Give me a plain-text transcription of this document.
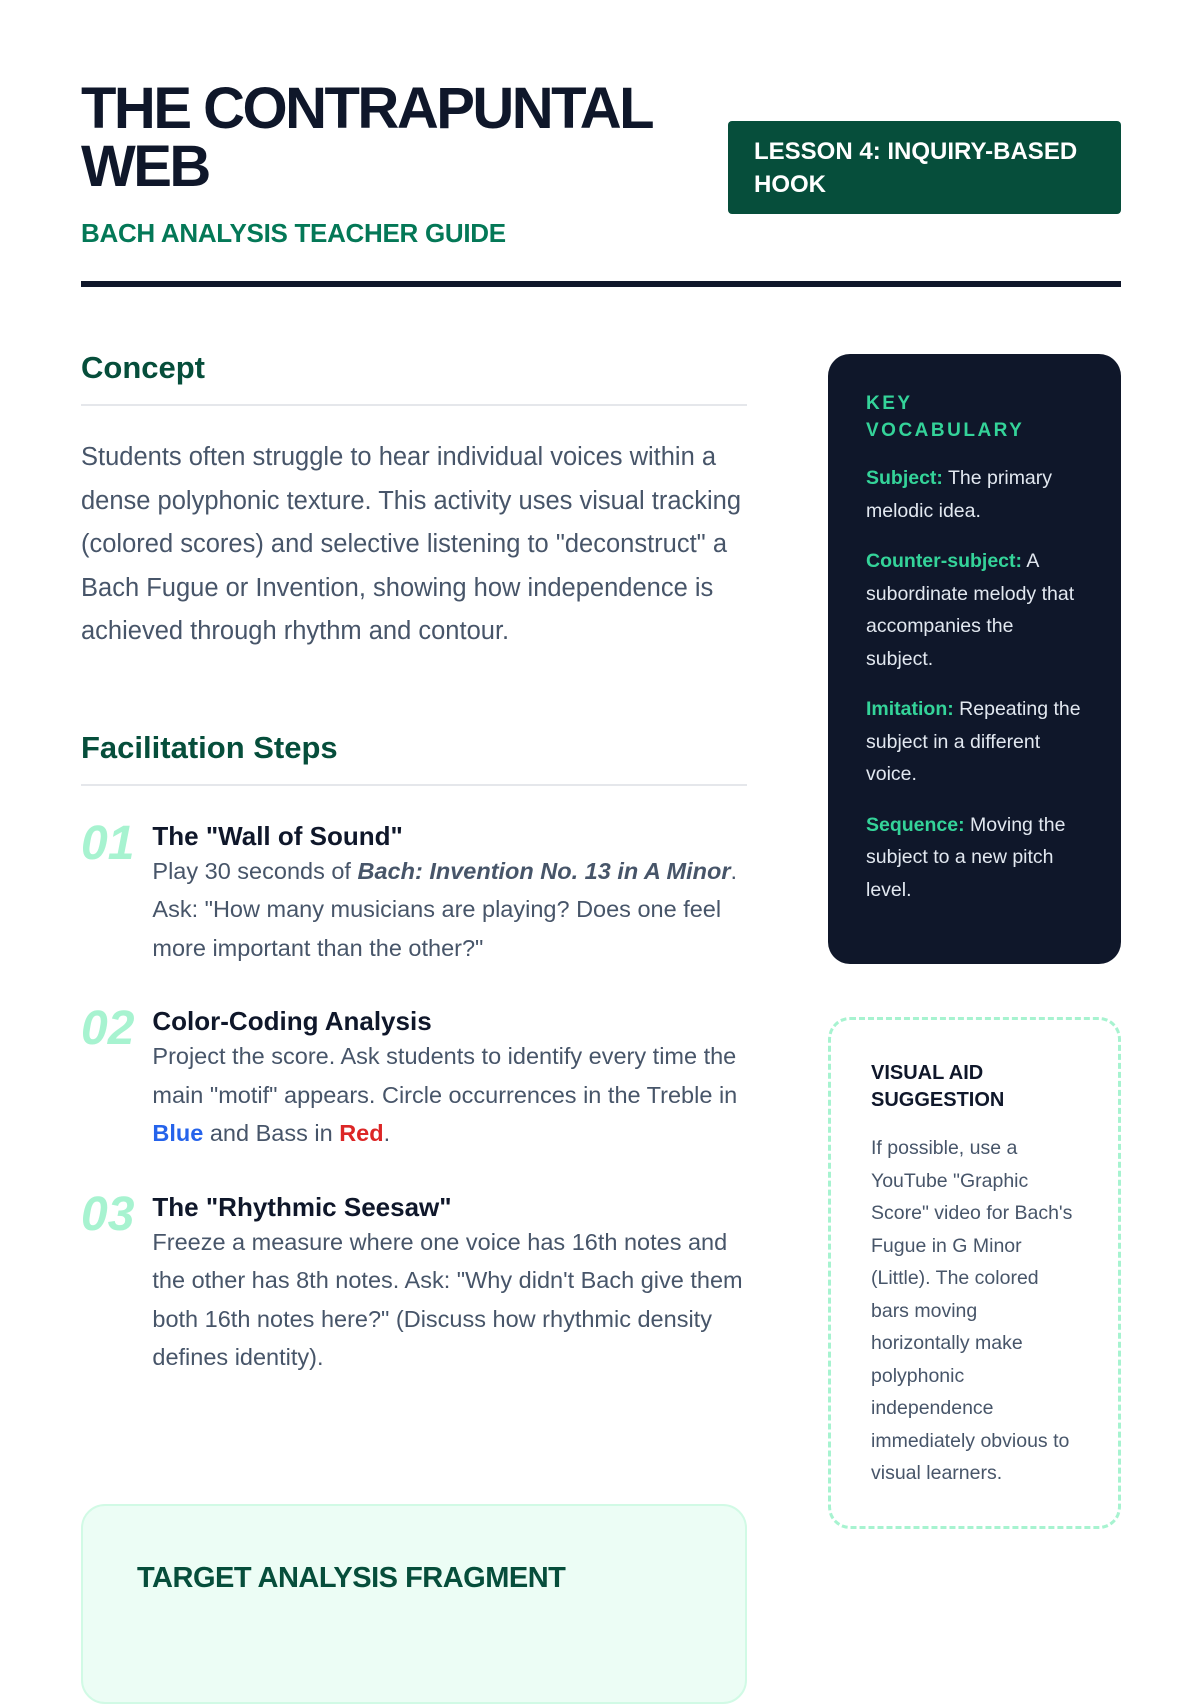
THE CONTRAPUNTAL WEB
BACH ANALYSIS TEACHER GUIDE
LESSON 4: INQUIRY-BASED HOOK
Concept

Students often struggle to hear individual voices within a dense polyphonic texture. This activity uses visual tracking (colored scores) and selective listening to "deconstruct" a Bach Fugue or Invention, showing how independence is achieved through rhythm and contour.

Facilitation Steps
01 The "Wall of Sound"

Play 30 seconds of Bach: Invention No. 13 in A Minor. Ask: "How many musicians are playing? Does one feel more important than the other?"

02 Color-Coding Analysis

Project the score. Ask students to identify every time the main "motif" appears. Circle occurrences in the Treble in Blue and Bass in Red.

03 The "Rhythmic Seesaw"

Freeze a measure where one voice has 16th notes and the other has 8th notes. Ask: "Why didn't Bach give them both 16th notes here?" (Discuss how rhythmic density defines identity).

TARGET ANALYSIS FRAGMENT
KEY VOCABULARY
Subject: The primary melodic idea.
Counter-subject: A subordinate melody that accompanies the subject.
Imitation: Repeating the subject in a different voice.
Sequence: Moving the subject to a new pitch level.
VISUAL AID SUGGESTION

If possible, use a YouTube "Graphic Score" video for Bach's Fugue in G Minor (Little). The colored bars moving horizontally make polyphonic independence immediately obvious to visual learners.
